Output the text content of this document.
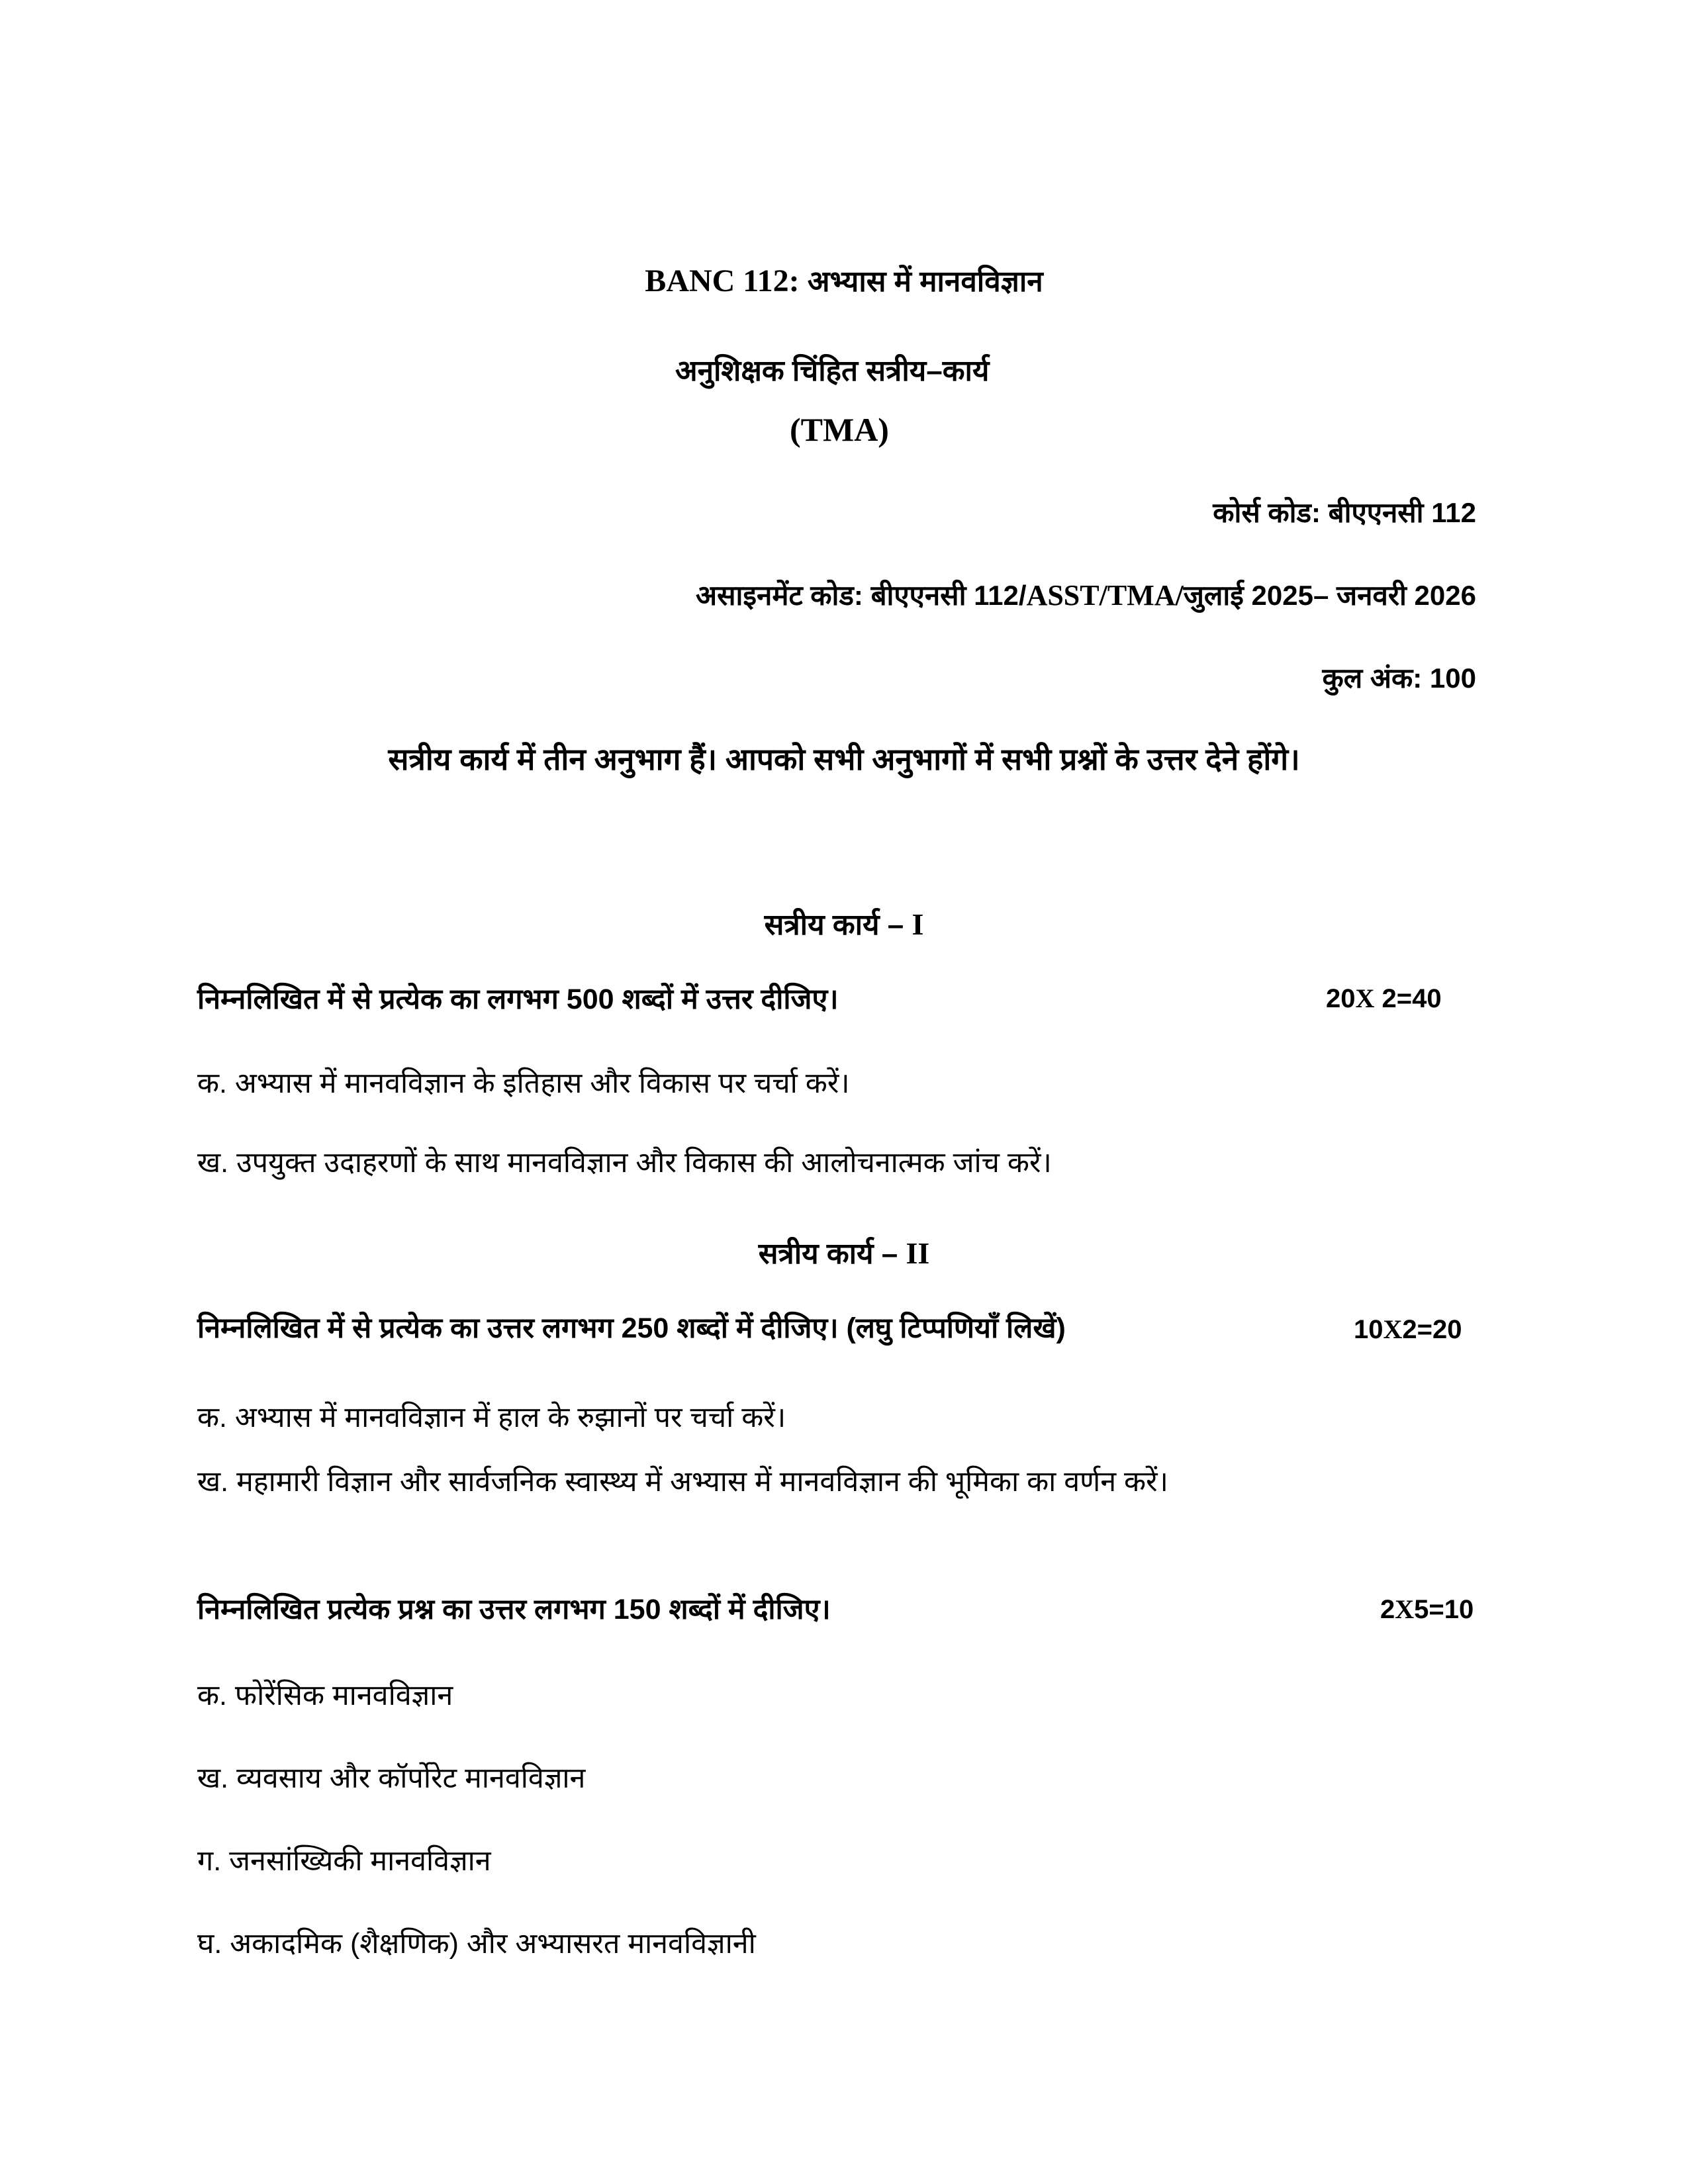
BANC 112: अभ्यास में मानवविज्ञान
अनुशिक्षक चिंहित सत्रीय–कार्य
(TMA)
कोर्स कोड: बीएएनसी 112
असाइनमेंट कोड: बीएएनसी 112/ASST/TMA/जुलाई 2025– जनवरी 2026
कुल अंक: 100
सत्रीय कार्य में तीन अनुभाग हैं। आपको सभी अनुभागों में सभी प्रश्नों के उत्तर देने होंगे।
सत्रीय कार्य – I
निम्नलिखित में से प्रत्येक का लगभग 500 शब्दों में उत्तर दीजिए।	20X 2=40
क. अभ्यास में मानवविज्ञान के इतिहास और विकास पर चर्चा करें।
ख. उपयुक्त उदाहरणों के साथ मानवविज्ञान और विकास की आलोचनात्मक जांच करें।
सत्रीय कार्य – II
निम्नलिखित में से प्रत्येक का उत्तर लगभग 250 शब्दों में दीजिए। (लघु टिप्पणियाँ लिखें)	10X2=20
क. अभ्यास में मानवविज्ञान में हाल के रुझानों पर चर्चा करें।
ख. महामारी विज्ञान और सार्वजनिक स्वास्थ्य में अभ्यास में मानवविज्ञान की भूमिका का वर्णन करें।
निम्नलिखित प्रत्येक प्रश्न का उत्तर लगभग 150 शब्दों में दीजिए।	2X5=10
क. फोरेंसिक मानवविज्ञान
ख. व्यवसाय और कॉर्पोरेट मानवविज्ञान
ग. जनसांख्यिकी मानवविज्ञान
घ. अकादमिक (शैक्षणिक) और अभ्यासरत मानवविज्ञानी
